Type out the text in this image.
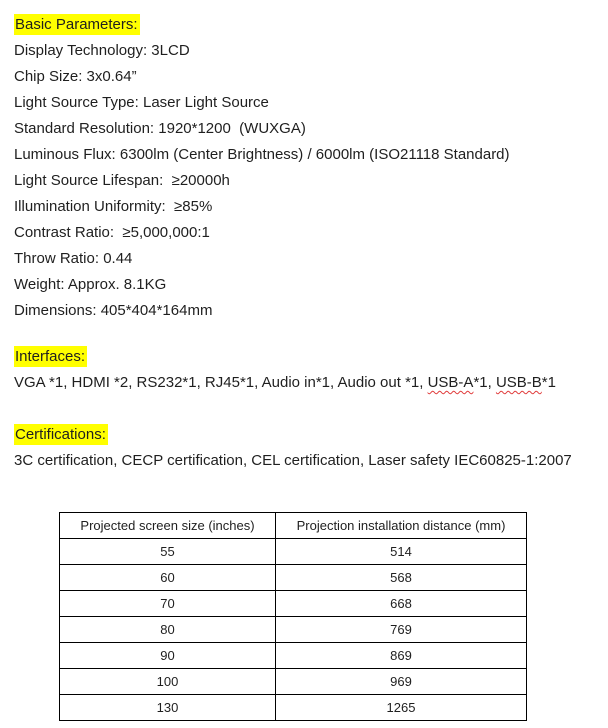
Basic Parameters:
Display Technology: 3LCD
Chip Size: 3x0.64”
Light Source Type: Laser Light Source
Standard Resolution: 1920*1200  (WUXGA)
Luminous Flux: 6300lm (Center Brightness) / 6000lm (ISO21118 Standard)
Light Source Lifespan:  ≥20000h
Illumination Uniformity:  ≥85%
Contrast Ratio:  ≥5,000,000:1
Throw Ratio: 0.44
Weight: Approx. 8.1KG
Dimensions: 405*404*164mm
Interfaces:
VGA *1, HDMI *2, RS232*1, RJ45*1, Audio in*1, Audio out *1, USB-A*1, USB-B*1
Certifications:
3C certification, CECP certification, CEL certification, Laser safety IEC60825-1:2007
Projected screen size (inches)	Projection installation distance (mm)
55	514
60	568
70	668
80	769
90	869
100	969
130	1265
